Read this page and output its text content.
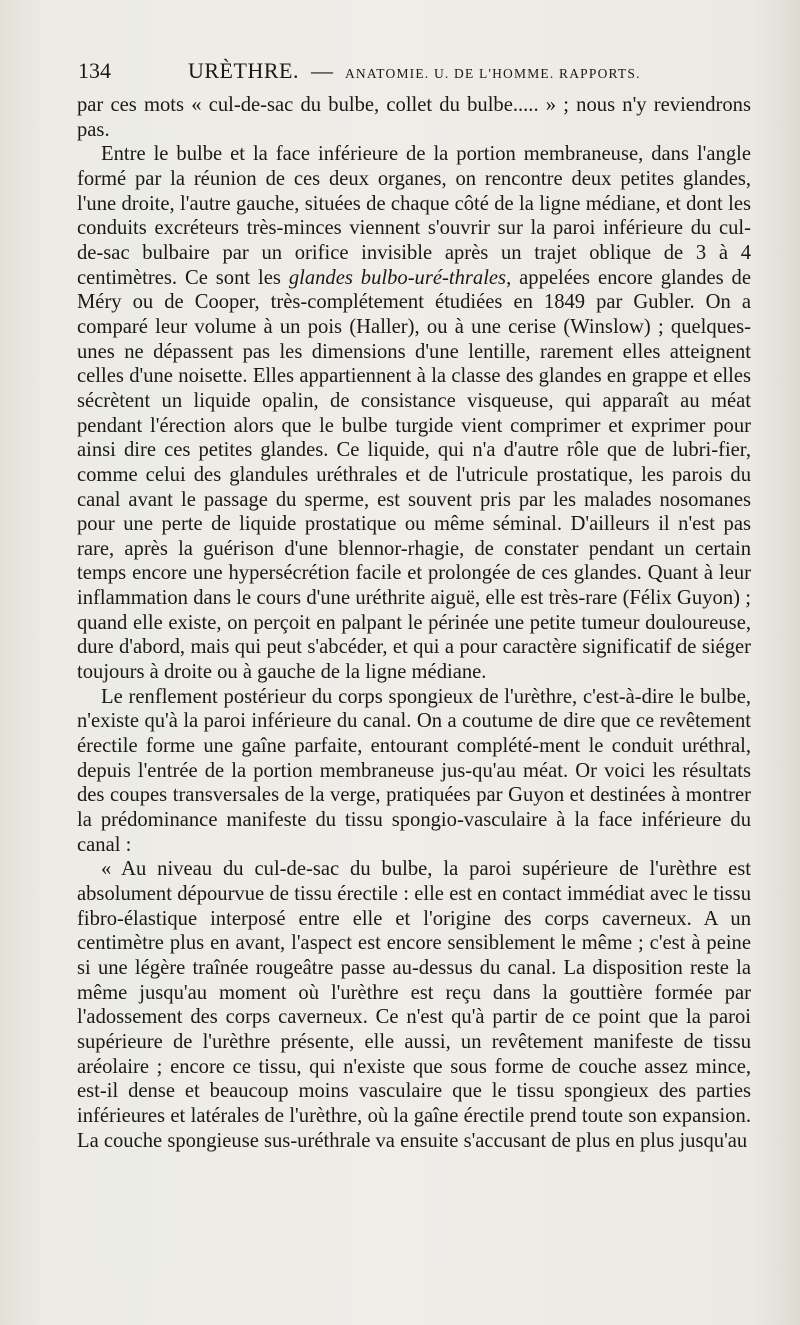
134	URÈTHRE. — ANATOMIE. U. DE L'HOMME. RAPPORTS.

par ces mots « cul-de-sac du bulbe, collet du bulbe..... » ; nous n'y reviendrons pas.

Entre le bulbe et la face inférieure de la portion membraneuse, dans l'angle formé par la réunion de ces deux organes, on rencontre deux petites glandes, l'une droite, l'autre gauche, situées de chaque côté de la ligne médiane, et dont les conduits excréteurs très-minces viennent s'ouvrir sur la paroi inférieure du cul-de-sac bulbaire par un orifice invisible après un trajet oblique de 3 à 4 centimètres. Ce sont les glandes bulbo-uré-thrales, appelées encore glandes de Méry ou de Cooper, très-complétement étudiées en 1849 par Gubler. On a comparé leur volume à un pois (Haller), ou à une cerise (Winslow) ; quelques-unes ne dépassent pas les dimensions d'une lentille, rarement elles atteignent celles d'une noisette. Elles appartiennent à la classe des glandes en grappe et elles sécrètent un liquide opalin, de consistance visqueuse, qui apparaît au méat pendant l'érection alors que le bulbe turgide vient comprimer et exprimer pour ainsi dire ces petites glandes. Ce liquide, qui n'a d'autre rôle que de lubri-fier, comme celui des glandules uréthrales et de l'utricule prostatique, les parois du canal avant le passage du sperme, est souvent pris par les malades nosomanes pour une perte de liquide prostatique ou même séminal. D'ailleurs il n'est pas rare, après la guérison d'une blennor-rhagie, de constater pendant un certain temps encore une hypersécrétion facile et prolongée de ces glandes. Quant à leur inflammation dans le cours d'une uréthrite aiguë, elle est très-rare (Félix Guyon) ; quand elle existe, on perçoit en palpant le périnée une petite tumeur douloureuse, dure d'abord, mais qui peut s'abcéder, et qui a pour caractère significatif de siéger toujours à droite ou à gauche de la ligne médiane.

Le renflement postérieur du corps spongieux de l'urèthre, c'est-à-dire le bulbe, n'existe qu'à la paroi inférieure du canal. On a coutume de dire que ce revêtement érectile forme une gaîne parfaite, entourant complété-ment le conduit uréthral, depuis l'entrée de la portion membraneuse jus-qu'au méat. Or voici les résultats des coupes transversales de la verge, pratiquées par Guyon et destinées à montrer la prédominance manifeste du tissu spongio-vasculaire à la face inférieure du canal :

« Au niveau du cul-de-sac du bulbe, la paroi supérieure de l'urèthre est absolument dépourvue de tissu érectile : elle est en contact immédiat avec le tissu fibro-élastique interposé entre elle et l'origine des corps caverneux. A un centimètre plus en avant, l'aspect est encore sensiblement le même ; c'est à peine si une légère traînée rougeâtre passe au-dessus du canal. La disposition reste la même jusqu'au moment où l'urèthre est reçu dans la gouttière formée par l'adossement des corps caverneux. Ce n'est qu'à partir de ce point que la paroi supérieure de l'urèthre présente, elle aussi, un revêtement manifeste de tissu aréolaire ; encore ce tissu, qui n'existe que sous forme de couche assez mince, est-il dense et beaucoup moins vasculaire que le tissu spongieux des parties inférieures et latérales de l'urèthre, où la gaîne érectile prend toute son expansion. La couche spongieuse sus-uréthrale va ensuite s'accusant de plus en plus jusqu'au
